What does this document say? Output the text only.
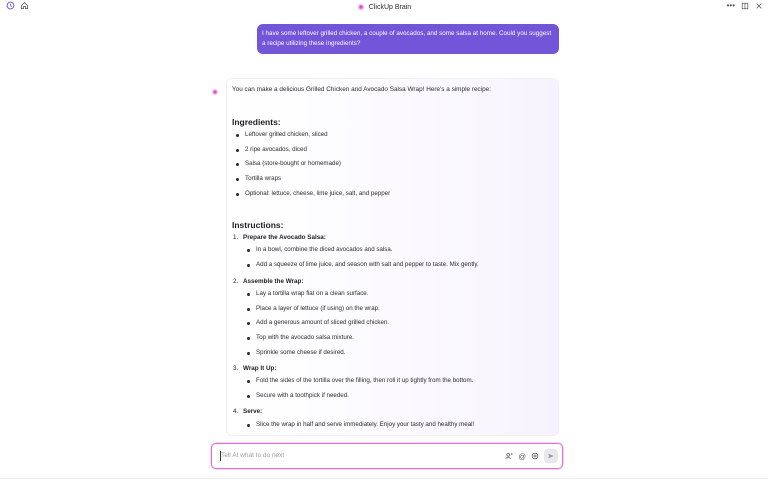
ClickUp Brain	•••
I have some leftover grilled chicken, a couple of avocados, and some salsa at home. Could you suggest a recipe utilizing these ingredients?
You can make a delicious Grilled Chicken and Avocado Salsa Wrap! Here's a simple recipe:
Ingredients:
Leftover grilled chicken, sliced
2 ripe avocados, diced
Salsa (store-bought or homemade)
Tortilla wraps
Optional: lettuce, cheese, lime juice, salt, and pepper
Instructions:
1. Prepare the Avocado Salsa:
In a bowl, combine the diced avocados and salsa.
Add a squeeze of lime juice, and season with salt and pepper to taste. Mix gently.
2. Assemble the Wrap:
Lay a tortilla wrap flat on a clean surface.
Place a layer of lettuce (if using) on the wrap.
Add a generous amount of sliced grilled chicken.
Top with the avocado salsa mixture.
Sprinkle some cheese if desired.
3. Wrap It Up:
Fold the sides of the tortilla over the filling, then roll it up tightly from the bottom.
Secure with a toothpick if needed.
4. Serve:
Slice the wrap in half and serve immediately. Enjoy your tasty and healthy meal!
Tell AI what to do next	@
